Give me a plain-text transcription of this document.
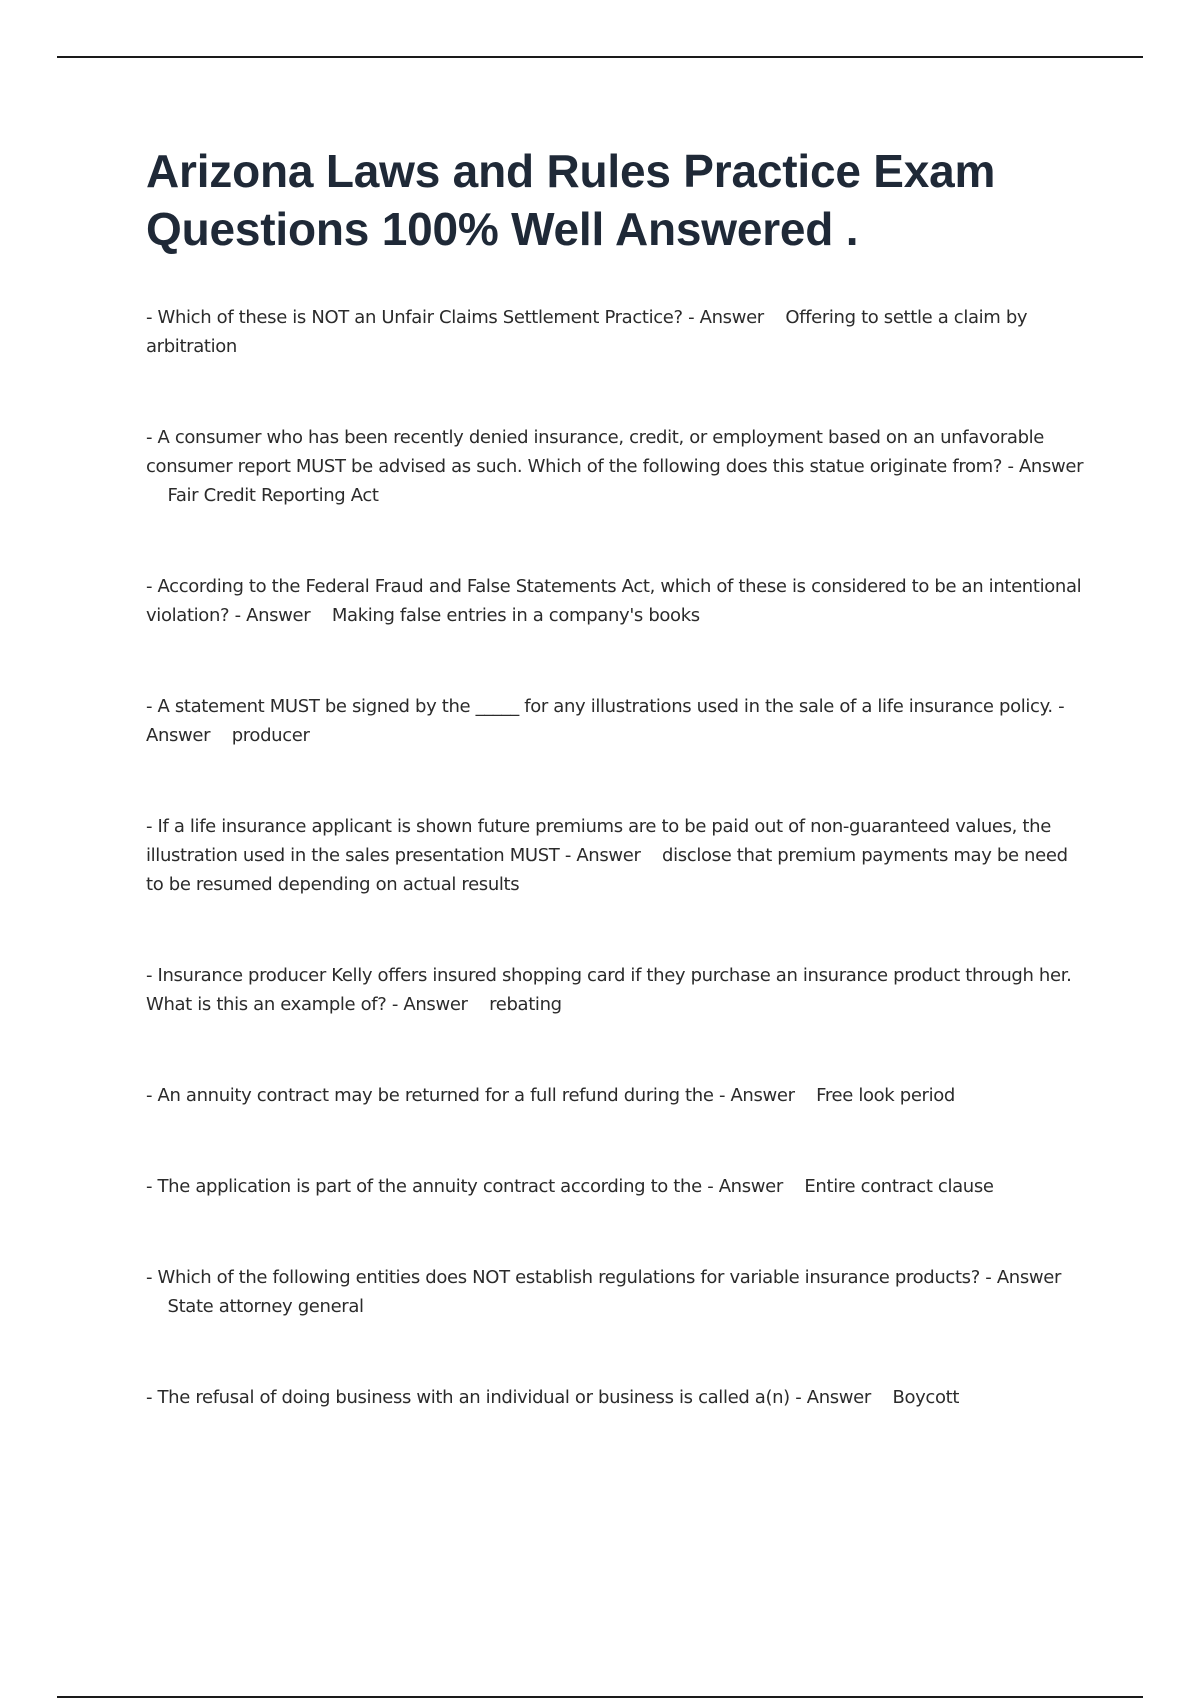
Arizona Laws and Rules Practice Exam
Questions 100% Well Answered .

- Which of these is NOT an Unfair Claims Settlement Practice? - Answer Offering to settle a claim by arbitration

- A consumer who has been recently denied insurance, credit, or employment based on an unfavorable consumer report MUST be advised as such. Which of the following does this statue originate from? - Answer    Fair Credit Reporting Act

- According to the Federal Fraud and False Statements Act, which of these is considered to be an intentional violation? - Answer Making false entries in a company's books

- A statement MUST be signed by the _____ for any illustrations used in the sale of a life insurance policy. - Answer producer

- If a life insurance applicant is shown future premiums are to be paid out of non-guaranteed values, the illustration used in the sales presentation MUST - Answer disclose that premium payments may be need to be resumed depending on actual results

- Insurance producer Kelly offers insured shopping card if they purchase an insurance product through her. What is this an example of? - Answer rebating

- An annuity contract may be returned for a full refund during the - Answer Free look period

- The application is part of the annuity contract according to the - Answer Entire contract clause

- Which of the following entities does NOT establish regulations for variable insurance products? - Answer    State attorney general

- The refusal of doing business with an individual or business is called a(n) - Answer Boycott
